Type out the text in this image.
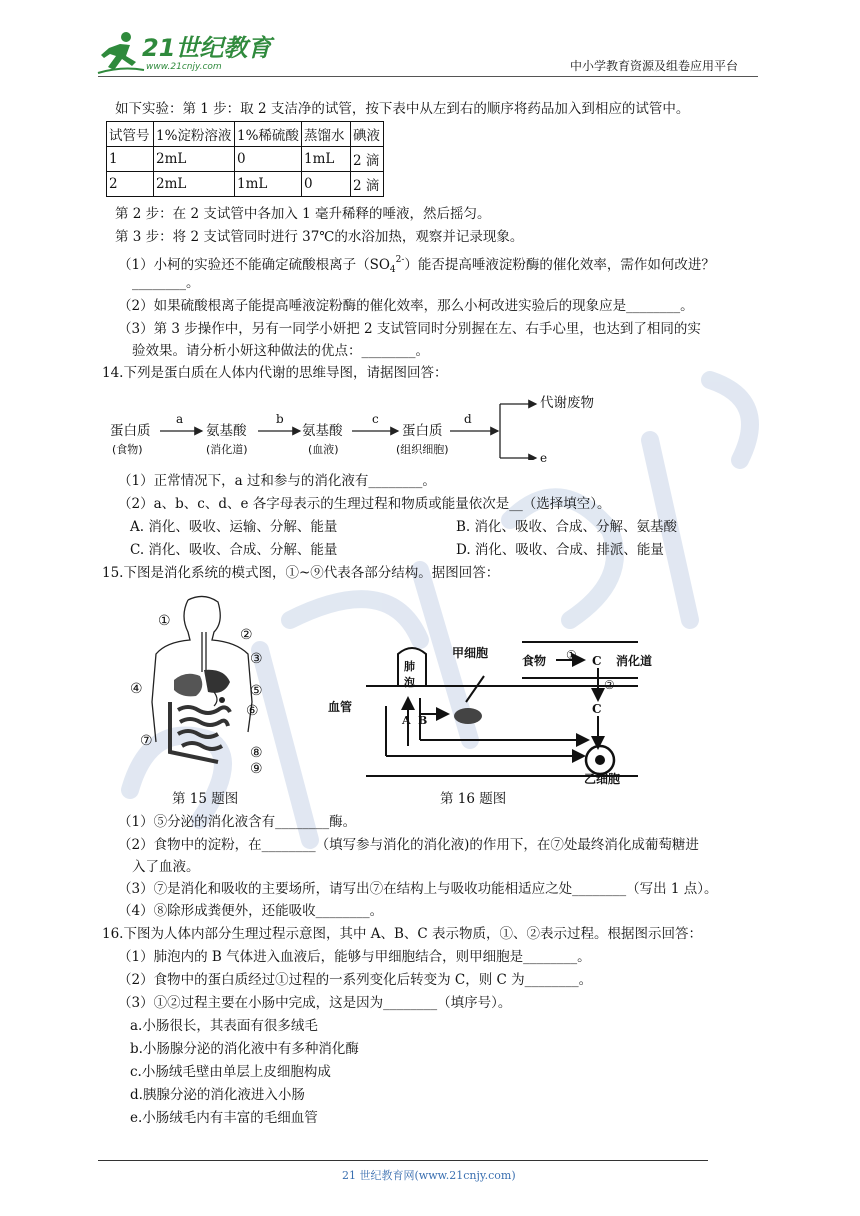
21世纪教育
www.21cnjy.com	中小学教育资源及组卷应用平台
如下实验：第 1 步：取 2 支洁净的试管，按下表中从左到右的顺序将药品加入到相应的试管中。
试管号	1%淀粉溶液	1%稀硫酸	蒸馏水	碘液
1	2mL	0	1mL	2 滴
2	2mL	1mL	0	2 滴
第 2 步：在 2 支试管中各加入 1 毫升稀释的唾液，然后摇匀。
第 3 步：将 2 支试管同时进行 37℃的水浴加热，观察并记录现象。
（1）小柯的实验还不能确定硫酸根离子$(SO_4^{2-})$能否提高唾液淀粉酶的催化效率，需作如何改进？
________。
（2）如果硫酸根离子能提高唾液淀粉酶的催化效率，那么小柯改进实验后的现象应是________。
（3）第 3 步操作中，另有一同学小妍把 2 支试管同时分别握在左、右手心里，也达到了相同的实
验效果。请分析小妍这种做法的优点：________。
14.下列是蛋白质在人体内代谢的思维导图，请据图回答：
蛋白质
(食物)
a
氨基酸
(消化道)
b
氨基酸
(血液)
c
蛋白质
(组织细胞)
d
代谢废物
e
（1）正常情况下，a 过和参与的消化液有________。
（2）a、b、c、d、e 各字母表示的生理过程和物质或能量依次是__（选择填空）。
A. 消化、吸收、运输、分解、能量	B. 消化、吸收、合成、分解、氨基酸
C. 消化、吸收、合成、分解、能量	D. 消化、吸收、合成、排派、能量
15.下图是消化系统的模式图，①~⑨代表各部分结构。据图回答：
①
②
③
④	⑤
⑥
⑦
⑧
⑨
肺
泡
甲细胞
血管
食物 ① C 消化道
②
C
A B
乙细胞
第 15 题图	第 16 题图
（1）⑤分泌的消化液含有________酶。
（2）食物中的淀粉，在________（填写参与消化的消化液)的作用下，在⑦处最终消化成葡萄糖进
入了血液。
（3）⑦是消化和吸收的主要场所，请写出⑦在结构上与吸收功能相适应之处________（写出 1 点）。
（4）⑧除形成粪便外，还能吸收________。
16.下图为人体内部分生理过程示意图，其中 A、B、C 表示物质，①、②表示过程。根据图示回答：
（1）肺泡内的 B 气体进入血液后，能够与甲细胞结合，则甲细胞是________。
（2）食物中的蛋白质经过①过程的一系列变化后转变为 C，则 C 为________。
（3）①②过程主要在小肠中完成，这是因为________（填序号）。
a.小肠很长，其表面有很多绒毛
b.小肠腺分泌的消化液中有多种消化酶
c.小肠绒毛壁由单层上皮细胞构成
d.胰腺分泌的消化液进入小肠
e.小肠绒毛内有丰富的毛细血管
21 世纪教育网(www.21cnjy.com)
